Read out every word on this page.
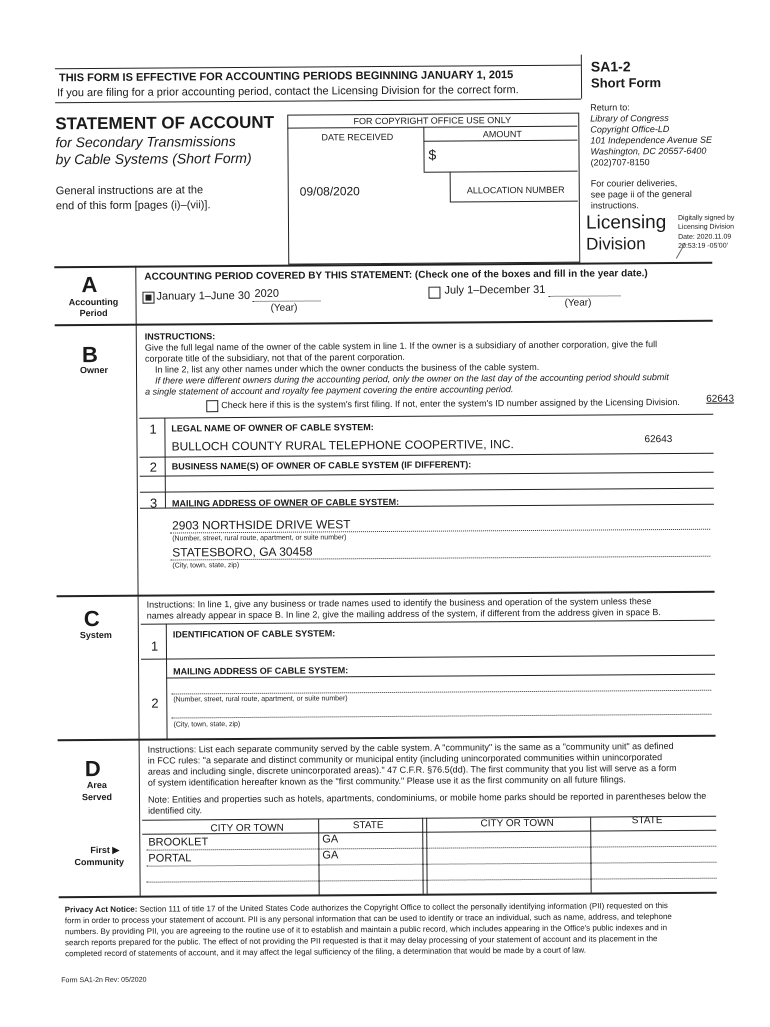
THIS FORM IS EFFECTIVE FOR ACCOUNTING PERIODS BEGINNING JANUARY 1, 2015
If you are filing for a prior accounting period, contact the Licensing Division for the correct form.
SA1-2
Short Form
STATEMENT OF ACCOUNT
for Secondary Transmissions
by Cable Systems (Short Form)
General instructions are at the
end of this form [pages (i)–(vii)].
FOR COPYRIGHT OFFICE USE ONLY
DATE RECEIVED	AMOUNT
$
09/08/2020	ALLOCATION NUMBER
Return to:
Library of Congress
Copyright Office-LD
101 Independence Avenue SE
Washington, DC 20557-6400
(202)707-8150
For courier deliveries,
see page ii of the general
instructions.
Licensing
Division
Digitally signed by
Licensing Division
Date: 2020.11.09
20:53:19 -05'00'
A
Accounting
Period
ACCOUNTING PERIOD COVERED BY THIS STATEMENT: (Check one of the boxes and fill in the year date.)
January 1–June 30 2020
(Year)
July 1–December 31
(Year)
B
Owner
INSTRUCTIONS:
Give the full legal name of the owner of the cable system in line 1. If the owner is a subsidiary of another corporation, give the full
corporate title of the subsidiary, not that of the parent corporation.
In line 2, list any other names under which the owner conducts the business of the cable system.
If there were different owners during the accounting period, only the owner on the last day of the accounting period should submit
a single statement of account and royalty fee payment covering the entire accounting period.
Check here if this is the system's first filing. If not, enter the system's ID number assigned by the Licensing Division.	62643
1 LEGAL NAME OF OWNER OF CABLE SYSTEM:
BULLOCH COUNTY RURAL TELEPHONE COOPERTIVE, INC.	62643
2 BUSINESS NAME(S) OF OWNER OF CABLE SYSTEM (IF DIFFERENT):
3 MAILING ADDRESS OF OWNER OF CABLE SYSTEM:
2903 NORTHSIDE DRIVE WEST
(Number, street, rural route, apartment, or suite number)
STATESBORO, GA 30458
(City, town, state, zip)
C
System
Instructions: In line 1, give any business or trade names used to identify the business and operation of the system unless these
names already appear in space B. In line 2, give the mailing address of the system, if different from the address given in space B.
1
IDENTIFICATION OF CABLE SYSTEM:
MAILING ADDRESS OF CABLE SYSTEM:
2 (Number, street, rural route, apartment, or suite number)
(City, town, state, zip)
D
Area
Served
Instructions: List each separate community served by the cable system. A "community" is the same as a "community unit" as defined
in FCC rules: "a separate and distinct community or municipal entity (including unincorporated communities within unincorporated
areas and including single, discrete unincorporated areas)." 47 C.F.R. §76.5(dd). The first community that you list will serve as a form
of system identification hereafter known as the "first community." Please use it as the first community on all future filings.
Note: Entities and properties such as hotels, apartments, condominiums, or mobile home parks should be reported in parentheses below the
identified city.
CITY OR TOWN	STATE	CITY OR TOWN	STATE
First ▶
Community
BROOKLET	GA
PORTAL	GA
Privacy Act Notice: Section 111 of title 17 of the United States Code authorizes the Copyright Office to collect the personally identifying information (PII) requested on this
form in order to process your statement of account. PII is any personal information that can be used to identify or trace an individual, such as name, address, and telephone
numbers. By providing PII, you are agreeing to the routine use of it to establish and maintain a public record, which includes appearing in the Office's public indexes and in
search reports prepared for the public. The effect of not providing the PII requested is that it may delay processing of your statement of account and its placement in the
completed record of statements of account, and it may affect the legal sufficiency of the filing, a determination that would be made by a court of law.
Form SA1-2n Rev: 05/2020
